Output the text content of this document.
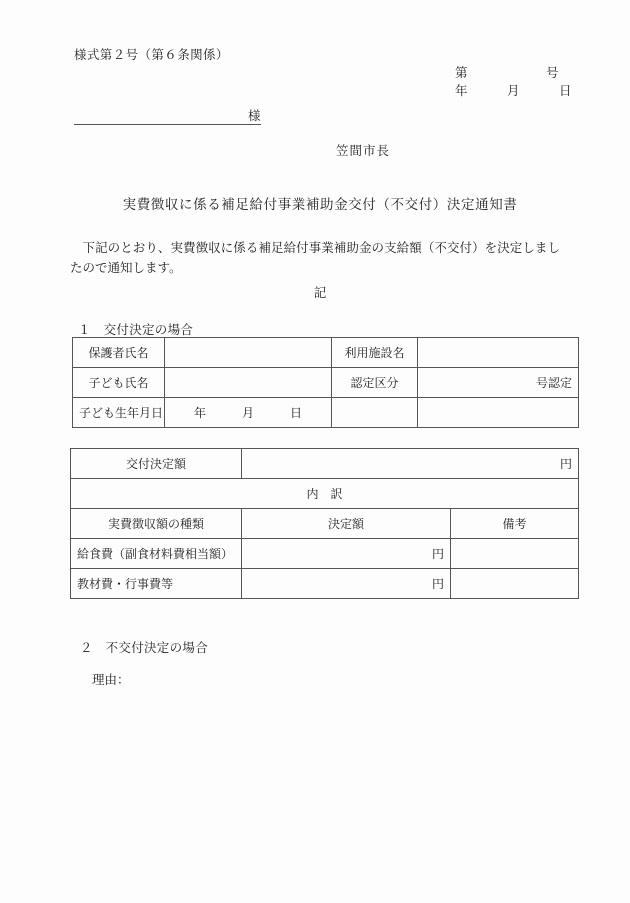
様式第２号（第６条関係）
第　　　　　　号
年　　　月　　　日
様
笠間市長
実費徴収に係る補足給付事業補助金交付（不交付）決定通知書
下記のとおり、実費徴収に係る補足給付事業補助金の支給額（不交付）を決定しましたので通知します。
記
１　交付決定の場合
保護者氏名		利用施設名	
子ども氏名		認定区分	号認定
子ども生年月日	年　　　月　　　日		
交付決定額	円	
内　訳		
実費徴収額の種類	決定額	備考
給食費（副食材料費相当額）	円	
教材費・行事費等	円	
２　不交付決定の場合
理由：
